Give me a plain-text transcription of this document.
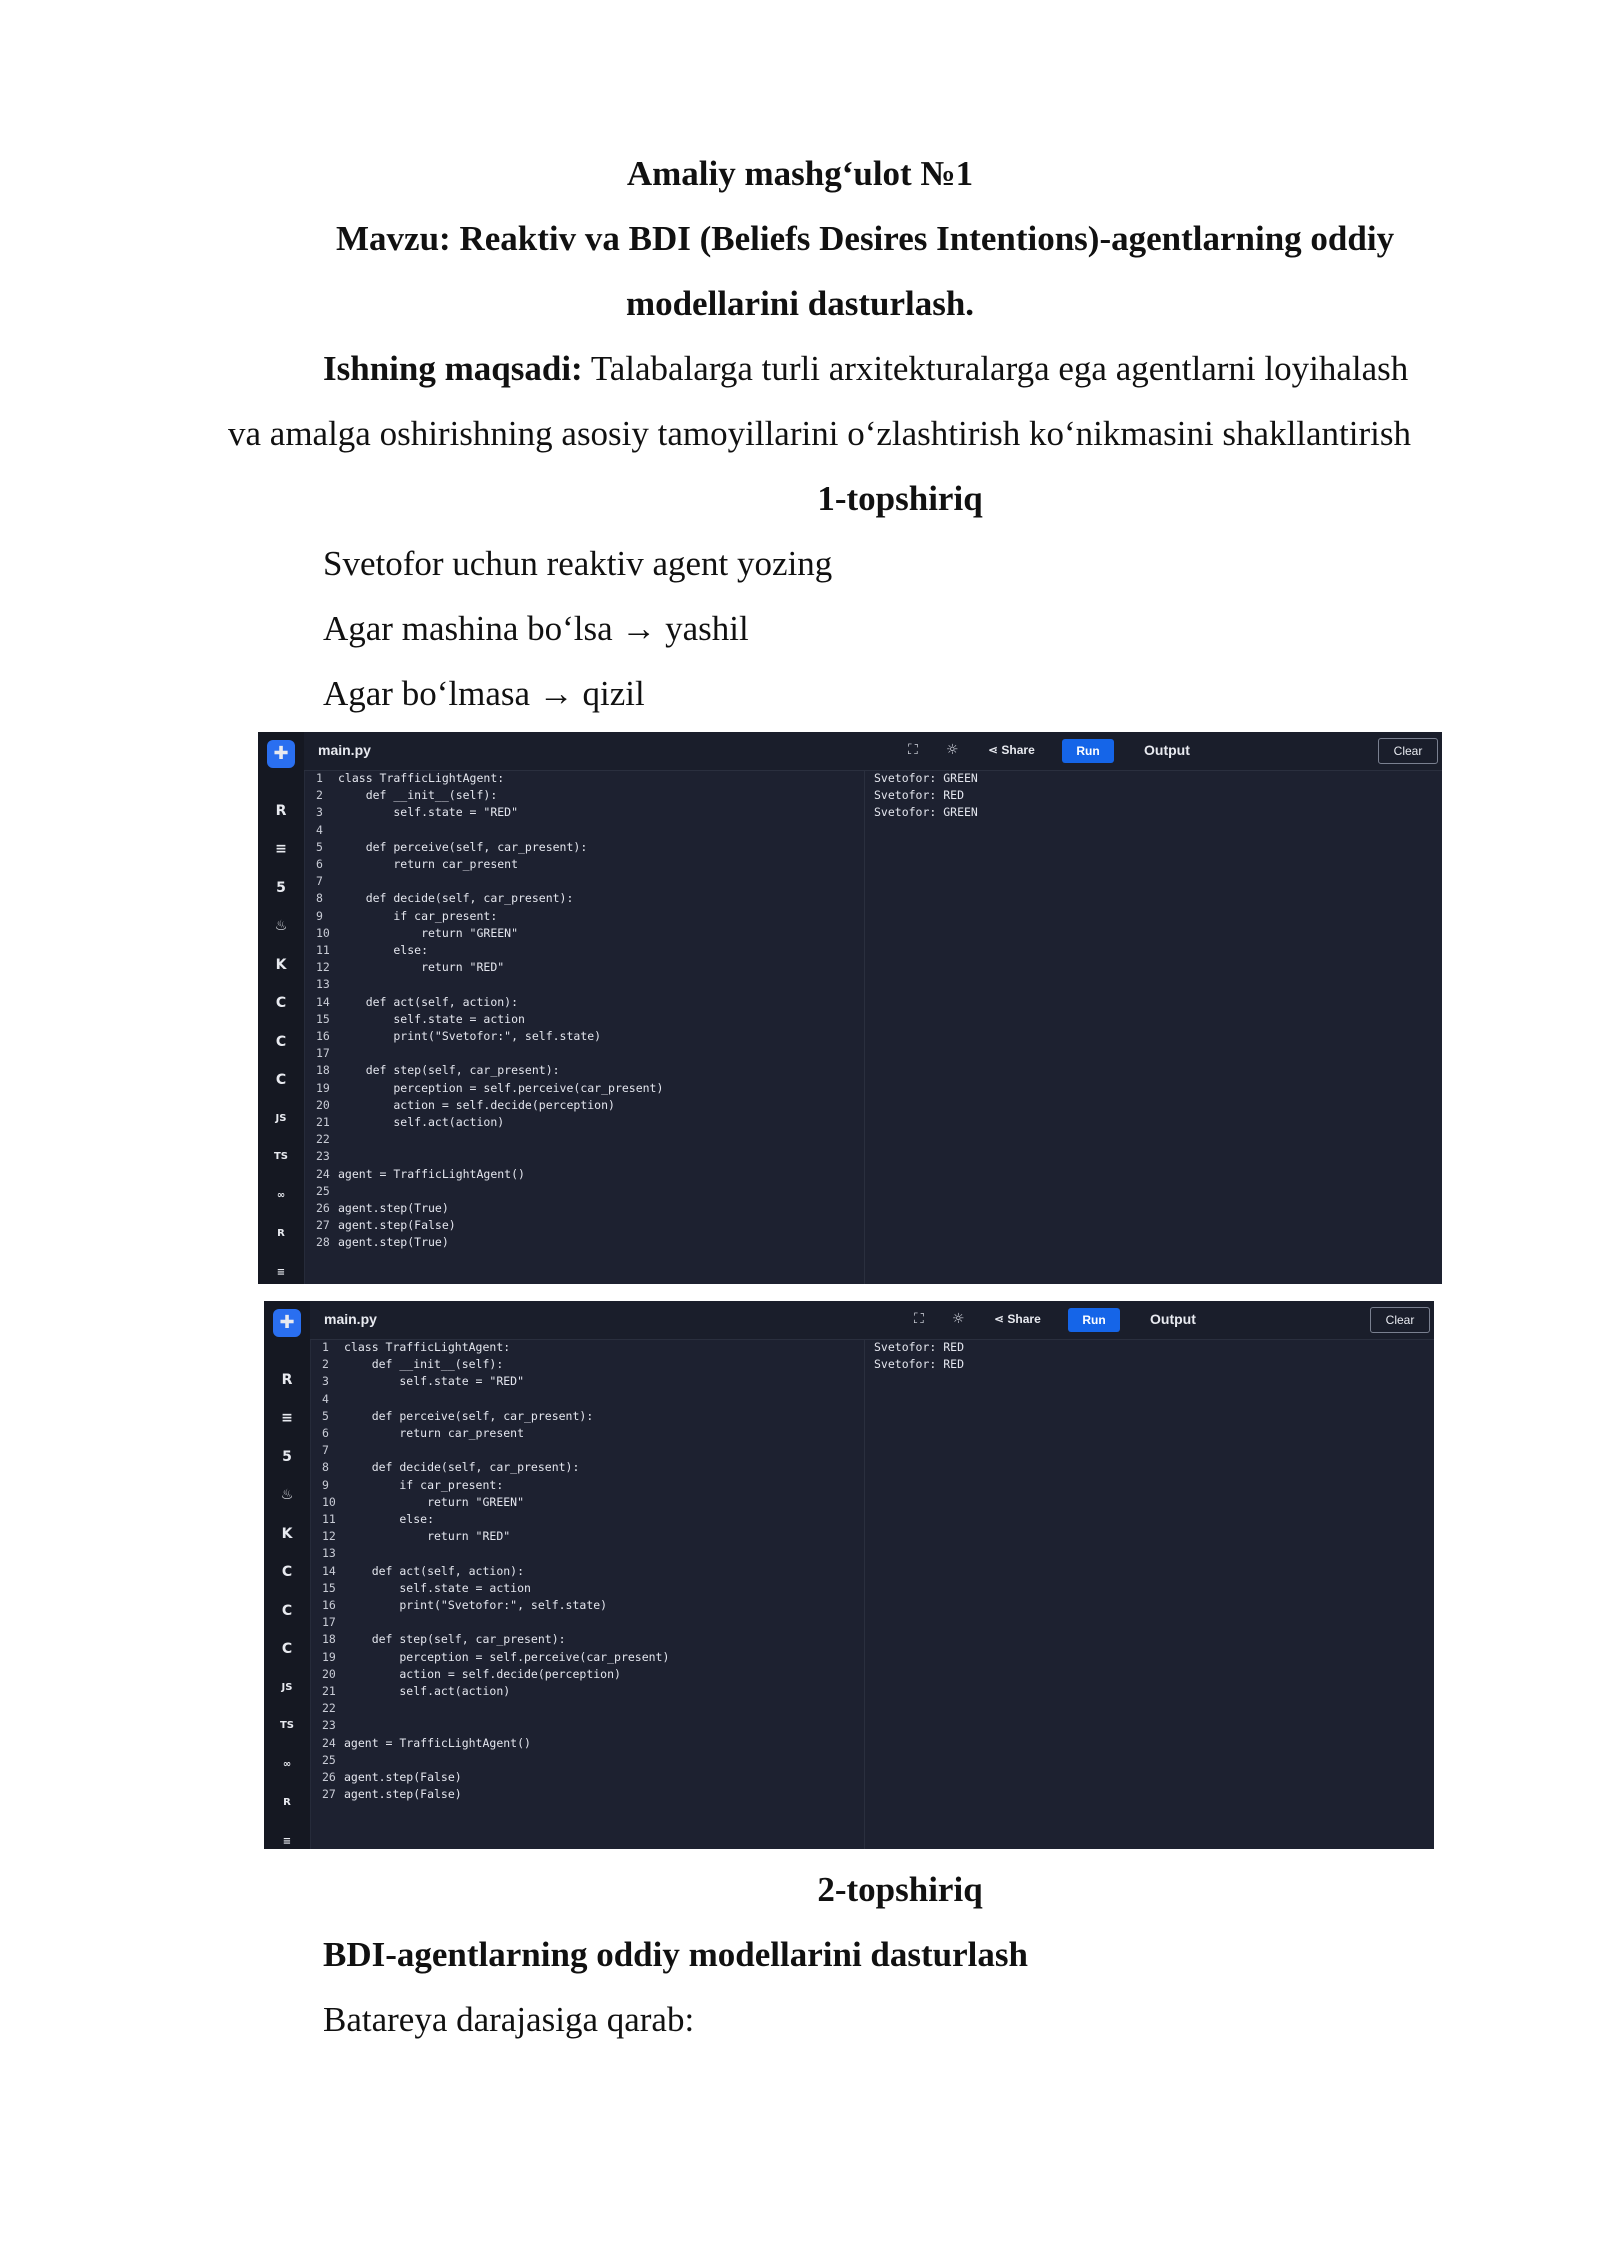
Amaliy mashg‘ulot №1
Mavzu: Reaktiv va BDI (Beliefs Desires Intentions)-agentlarning oddiy
modellarini dasturlash.
Ishning maqsadi: Talabalarga turli arxitekturalarga ega agentlarni loyihalash
va amalga oshirishning asosiy tamoyillarini o‘zlashtirish ko‘nikmasini shakllantirish
1-topshiriq
Svetofor uchun reaktiv agent yozing
Agar mashina bo‘lsa → yashil
Agar bo‘lmasa → qizil
✚
R
≡
5
♨
K
C
C
C
JS
TS
∞
R
≡
main.py	⛶ ☼ ⋖ Share	Run	Output	Clear
1 class TrafficLightAgent:
2    def __init__(self):
3        self.state = "RED"
4
5    def perceive(self, car_present):
6        return car_present
7
8    def decide(self, car_present):
9        if car_present:
10            return "GREEN"
11        else:
12            return "RED"
13
14    def act(self, action):
15        self.state = action
16        print("Svetofor:", self.state)
17
18    def step(self, car_present):
19        perception = self.perceive(car_present)
20        action = self.decide(perception)
21        self.act(action)
22
23
24 agent = TrafficLightAgent()
25
26 agent.step(True)
27 agent.step(False)
28 agent.step(True)
Svetofor: GREEN
Svetofor: RED
Svetofor: GREEN
✚
R
≡
5
♨
K
C
C
C
JS
TS
∞
R
≡
main.py	⛶ ☼ ⋖ Share	Run	Output	Clear
1 class TrafficLightAgent:
2    def __init__(self):
3        self.state = "RED"
4
5    def perceive(self, car_present):
6        return car_present
7
8    def decide(self, car_present):
9        if car_present:
10            return "GREEN"
11        else:
12            return "RED"
13
14    def act(self, action):
15        self.state = action
16        print("Svetofor:", self.state)
17
18    def step(self, car_present):
19        perception = self.perceive(car_present)
20        action = self.decide(perception)
21        self.act(action)
22
23
24 agent = TrafficLightAgent()
25
26 agent.step(False)
27 agent.step(False)
Svetofor: RED
Svetofor: RED
2-topshiriq
BDI-agentlarning oddiy modellarini dasturlash
Batareya darajasiga qarab:
